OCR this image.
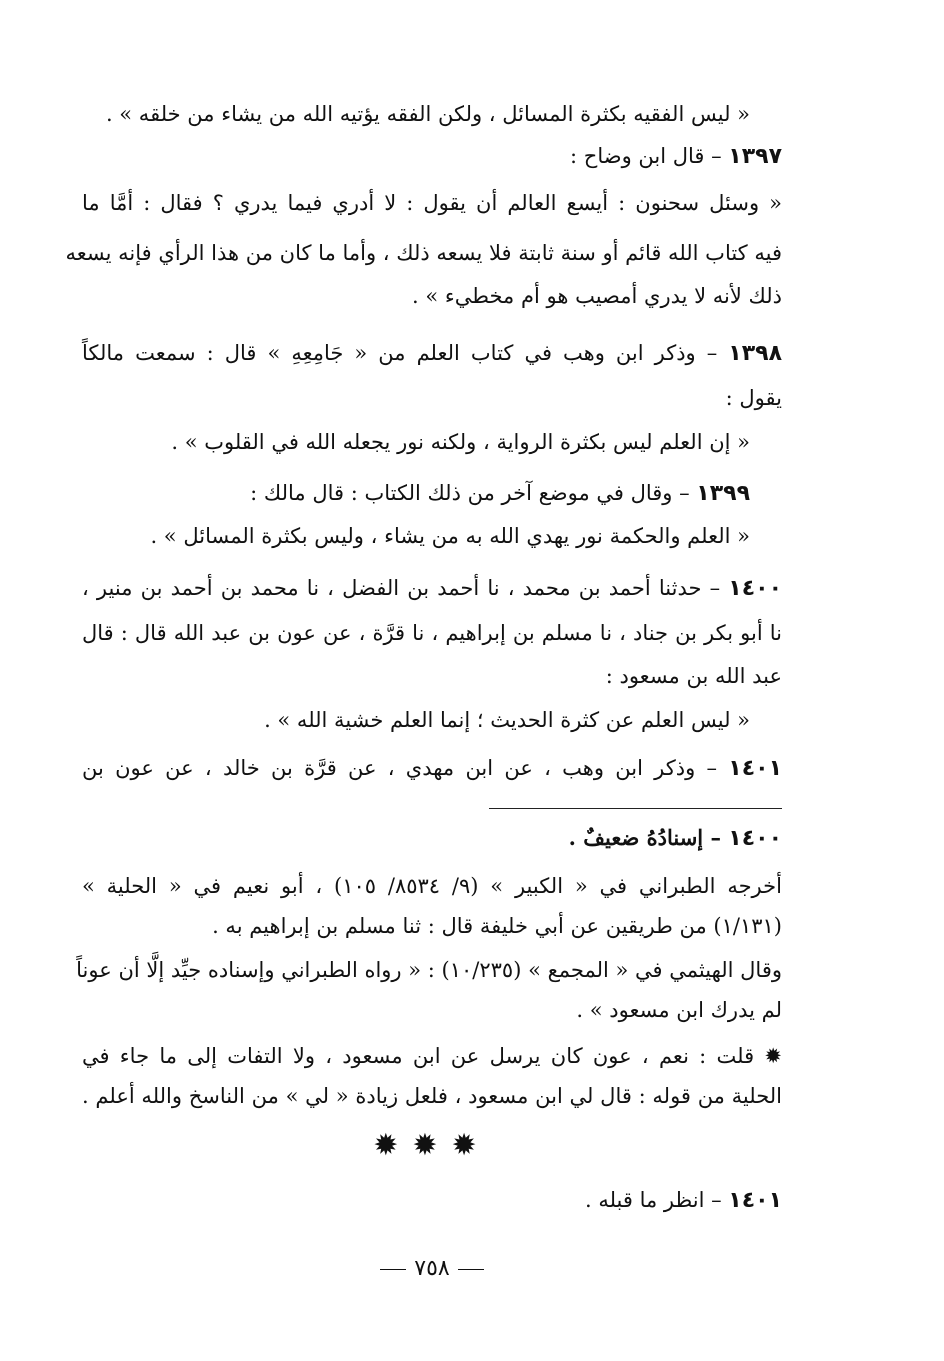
« ليس الفقيه بكثرة المسائل ، ولكن الفقه يؤتيه الله من يشاء من خلقه » .
١٣٩٧ – قال ابن وضاح :
« وسئل سحنون : أيسع العالم أن يقول : لا أدري فيما يدري ؟ فقال : أمَّا ما
فيه كتاب الله قائم أو سنة ثابتة فلا يسعه ذلك ، وأما ما كان من هذا الرأي فإنه يسعه
ذلك لأنه لا يدري أمصيب هو أم مخطيء » .
١٣٩٨ – وذكر ابن وهب في كتاب العلم من « جَامِعِهِ » قال : سمعت مالكاً
يقول :
« إن العلم ليس بكثرة الرواية ، ولكنه نور يجعله الله في القلوب » .
١٣٩٩ – وقال في موضع آخر من ذلك الكتاب : قال مالك :
« العلم والحكمة نور يهدي الله به من يشاء ، وليس بكثرة المسائل » .
١٤٠٠ – حدثنا أحمد بن محمد ، نا أحمد بن الفضل ، نا محمد بن أحمد بن منير ،
نا أبو بكر بن جناد ، نا مسلم بن إبراهيم ، نا قرَّة ، عن عون بن عبد الله قال : قال
عبد الله بن مسعود :
« ليس العلم عن كثرة الحديث ؛ إنما العلم خشية الله » .
١٤٠١ – وذكر ابن وهب ، عن ابن مهدي ، عن قرَّة بن خالد ، عن عون بن
١٤٠٠ – إسنادُهُ ضعيفٌ .
أخرجه الطبراني في « الكبير » (٩/ ٨٥٣٤/ ١٠٥) ، أبو نعيم في « الحلية »
(١/١٣١) من طريقين عن أبي خليفة قال : ثنا مسلم بن إبراهيم به .
وقال الهيثمي في « المجمع » (١٠/٢٣٥) : « رواه الطبراني وإسناده جيِّد إلَّا أن عوناً
لم يدرك ابن مسعود » .
✹ قلت : نعم ، عون كان يرسل عن ابن مسعود ، ولا التفات إلى ما جاء في
الحلية من قوله : قال لي ابن مسعود ، فلعل زيادة « لي » من الناسخ والله أعلم .
✹✹✹
١٤٠١ – انظر ما قبله .
٧٥٨
